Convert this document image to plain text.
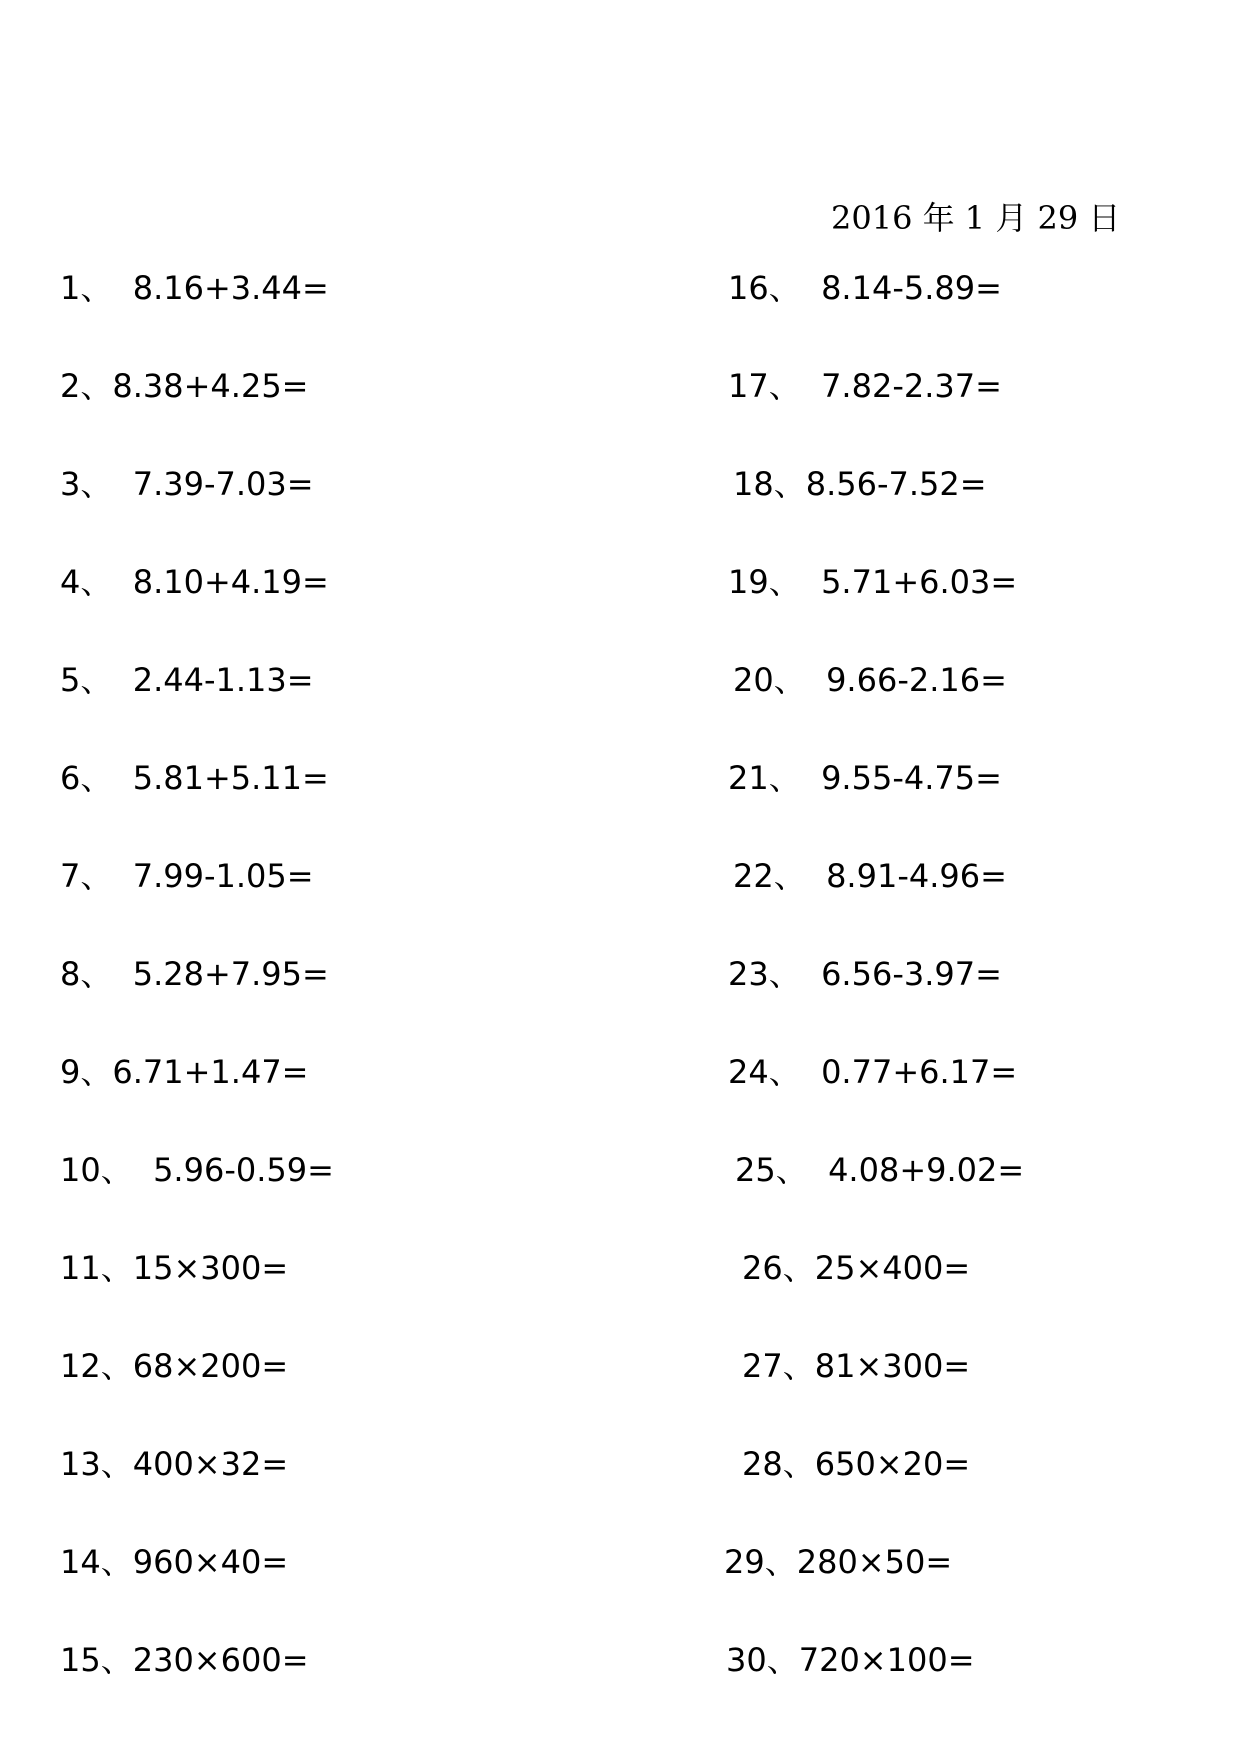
2016 年 1 月 29 日
1、  8.16+3.44=
2、8.38+4.25=
3、  7.39-7.03=
4、  8.10+4.19=
5、  2.44-1.13=
6、  5.81+5.11=
7、  7.99-1.05=
8、  5.28+7.95=
9、6.71+1.47=
10、  5.96-0.59=
11、15×300=
12、68×200=
13、400×32=
14、960×40=
15、230×600=
16、  8.14-5.89=
17、  7.82-2.37=
18、8.56-7.52=
19、  5.71+6.03=
20、  9.66-2.16=
21、  9.55-4.75=
22、  8.91-4.96=
23、  6.56-3.97=
24、  0.77+6.17=
25、  4.08+9.02=
26、25×400=
27、81×300=
28、650×20=
29、280×50=
30、720×100=
